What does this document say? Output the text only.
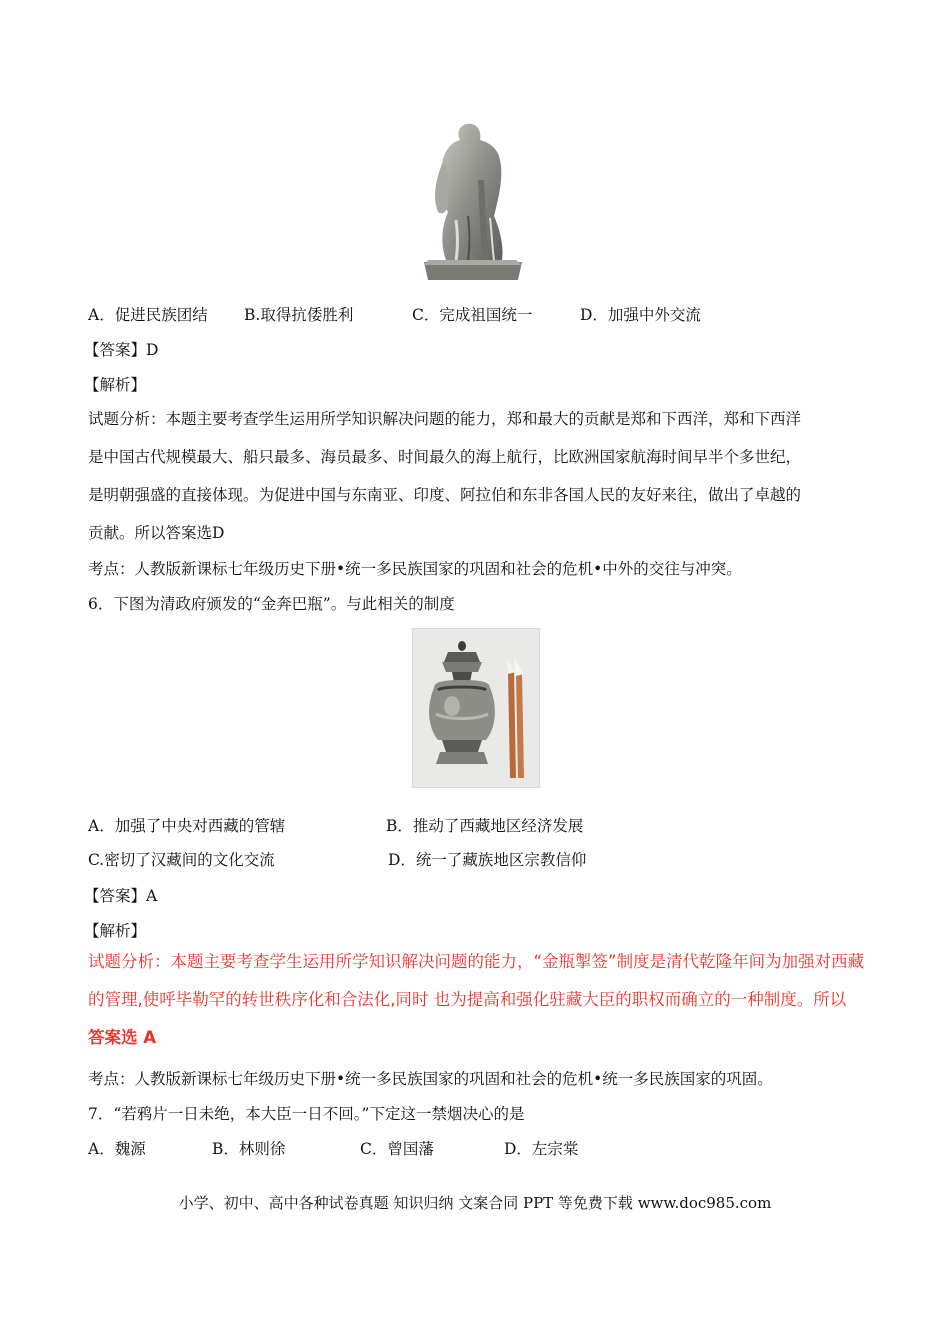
A．促进民族团结 B.取得抗倭胜利	C．完成祖国统一	D．加强中外交流
【答案】D
【解析】
试题分析：本题主要考查学生运用所学知识解决问题的能力，郑和最大的贡献是郑和下西洋，郑和下西洋
是中国古代规模最大、船只最多、海员最多、时间最久的海上航行，比欧洲国家航海时间早半个多世纪，
是明朝强盛的直接体现。为促进中国与东南亚、印度、阿拉伯和东非各国人民的友好来往，做出了卓越的
贡献。所以答案选D
考点：人教版新课标七年级历史下册•统一多民族国家的巩固和社会的危机•中外的交往与冲突。
6．下图为清政府颁发的“金奔巴瓶”。与此相关的制度
A．加强了中央对西藏的管辖	B．推动了西藏地区经济发展
C.密切了汉藏间的文化交流	D．统一了藏族地区宗教信仰
【答案】A
【解析】
试题分析：本题主要考查学生运用所学知识解决问题的能力，“金瓶掣签”制度是清代乾隆年间为加强对西藏
的管理,使呼毕勒罕的转世秩序化和合法化,同时 也为提高和强化驻藏大臣的职权而确立的一种制度。所以
答案选 A
考点：人教版新课标七年级历史下册•统一多民族国家的巩固和社会的危机•统一多民族国家的巩固。
7．“若鸦片一日未绝，本大臣一日不回。”下定这一禁烟决心的是
A．魏源	B．林则徐	C．曾国藩	D．左宗棠
小学、初中、高中各种试卷真题 知识归纳 文案合同 PPT 等免费下载 www.doc985.com
